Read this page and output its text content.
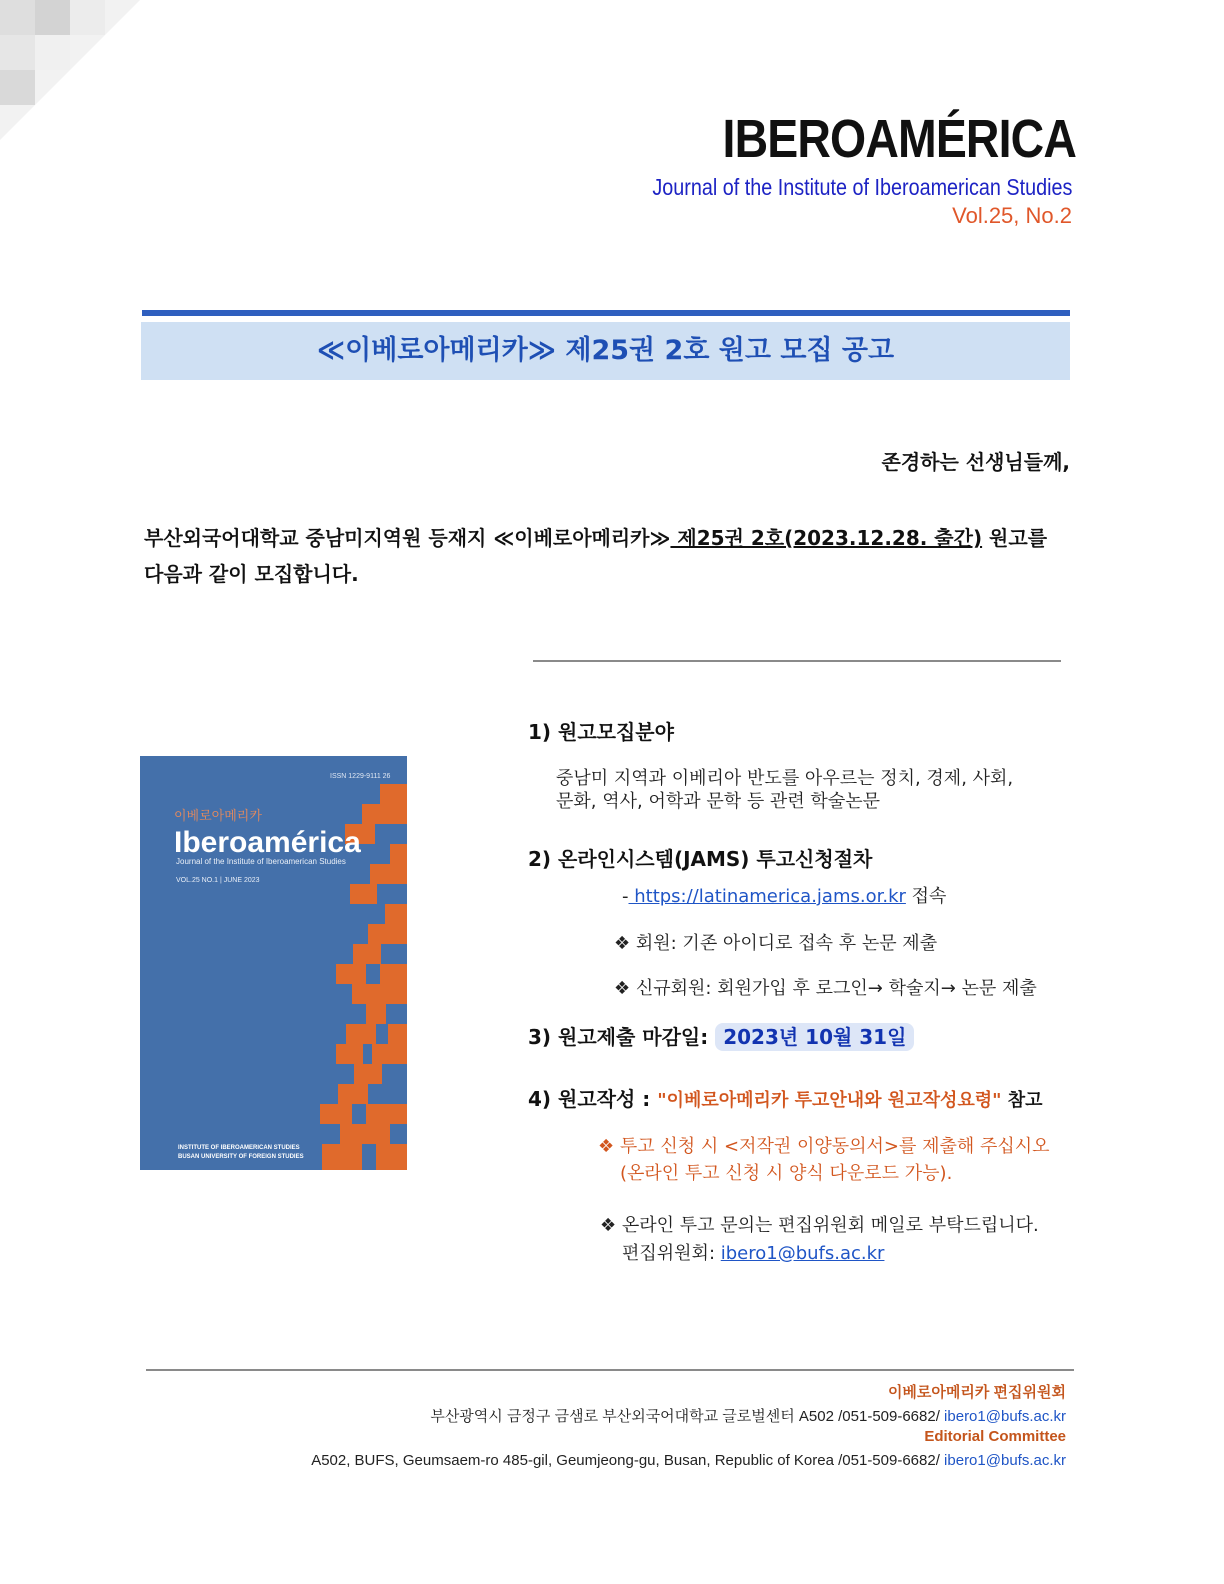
IBEROAMÉRICA
Journal of the Institute of Iberoamerican Studies
Vol.25, No.2
≪이베로아메리카≫ 제25권 2호 원고 모집 공고
존경하는 선생님들께,
부산외국어대학교 중남미지역원 등재지 ≪이베로아메리카≫ 제25권 2호(2023.12.28. 출간) 원고를
다음과 같이 모집합니다.
ISSN 1229-9111 26
이베로아메리카
Iberoamérica
Journal of the Institute of Iberoamerican Studies
VOL.25 NO.1 | JUNE 2023
INSTITUTE OF IBEROAMERICAN STUDIES
BUSAN UNIVERSITY OF FOREIGN STUDIES
1) 원고모집분야
중남미 지역과 이베리아 반도를 아우르는 정치, 경제, 사회,
문화, 역사, 어학과 문학 등 관련 학술논문
2) 온라인시스템(JAMS) 투고신청절차
- https://latinamerica.jams.or.kr 접속
❖ 회원: 기존 아이디로 접속 후 논문 제출
❖ 신규회원: 회원가입 후 로그인→ 학술지→ 논문 제출
3) 원고제출 마감일: 2023년 10월 31일
4) 원고작성 : "이베로아메리카 투고안내와 원고작성요령" 참고
❖ 투고 신청 시 <저작권 이양동의서>를 제출해 주십시오
(온라인 투고 신청 시 양식 다운로드 가능).
❖ 온라인 투고 문의는 편집위원회 메일로 부탁드립니다.
편집위원회: ibero1@bufs.ac.kr
이베로아메리카 편집위원회
부산광역시 금정구 금샘로 부산외국어대학교 글로벌센터 A502 /051-509-6682/ ibero1@bufs.ac.kr
Editorial Committee
A502, BUFS, Geumsaem-ro 485-gil, Geumjeong-gu, Busan, Republic of Korea /051-509-6682/ ibero1@bufs.ac.kr
